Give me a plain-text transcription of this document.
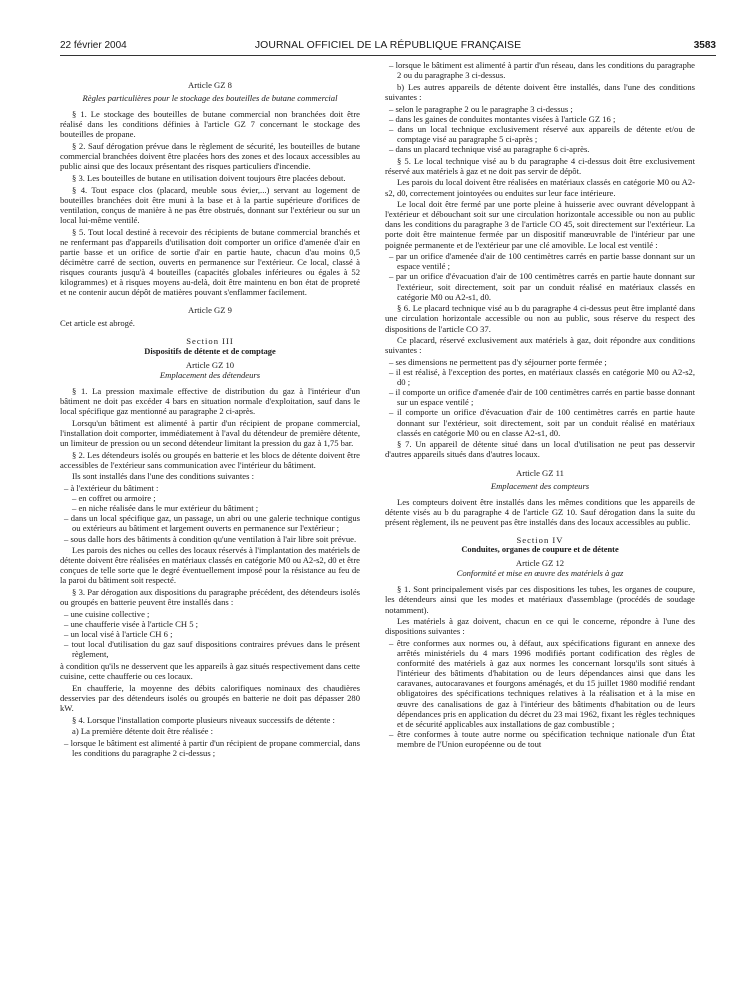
22 février 2004	JOURNAL OFFICIEL DE LA RÉPUBLIQUE FRANÇAISE	3583
Article GZ 8
Règles particulières pour le stockage des bouteilles de butane commercial

§ 1. Le stockage des bouteilles de butane commercial non branchées doit être réalisé dans les conditions définies à l'article GZ 7 concernant le stockage des bouteilles de propane.

§ 2. Sauf dérogation prévue dans le règlement de sécurité, les bouteilles de butane commercial branchées doivent être placées hors des zones et des locaux accessibles au public ainsi que des locaux présentant des risques particuliers d'incendie.

§ 3. Les bouteilles de butane en utilisation doivent toujours être placées debout.

§ 4. Tout espace clos (placard, meuble sous évier,...) servant au logement de bouteilles branchées doit être muni à la base et à la partie supérieure d'orifices de ventilation, conçus de manière à ne pas être obstrués, donnant sur l'extérieur ou sur un local lui-même ventilé.

§ 5. Tout local destiné à recevoir des récipients de butane commercial branchés et ne renfermant pas d'appareils d'utilisation doit comporter un orifice d'amenée d'air en partie basse et un orifice de sortie d'air en partie haute, chacun d'au moins 0,5 décimètre carré de section, ouverts en permanence sur l'extérieur. Ce local, classé à risques courants jusqu'à 4 bouteilles (capacités globales inférieures ou égales à 52 kilogrammes) et à risques moyens au-delà, doit être maintenu en bon état de propreté et ne contenir aucun dépôt de matières pouvant s'enflammer facilement.

Article GZ 9

Cet article est abrogé.

Section III
Dispositifs de détente et de comptage
Article GZ 10
Emplacement des détendeurs

§ 1. La pression maximale effective de distribution du gaz à l'intérieur d'un bâtiment ne doit pas excéder 4 bars en situation normale d'exploitation, sauf dans le local spécifique gaz mentionné au paragraphe 2 ci-après.

Lorsqu'un bâtiment est alimenté à partir d'un récipient de propane commercial, l'installation doit comporter, immédiatement à l'aval du détendeur de première détente, un limiteur de pression ou un second détendeur limitant la pression du gaz à 1,75 bar.

§ 2. Les détendeurs isolés ou groupés en batterie et les blocs de détente doivent être accessibles de l'extérieur sans communication avec l'intérieur du bâtiment.

Ils sont installés dans l'une des conditions suivantes :

– à l'extérieur du bâtiment :
– en coffret ou armoire ;
– en niche réalisée dans le mur extérieur du bâtiment ;
– dans un local spécifique gaz, un passage, un abri ou une galerie technique contigus ou extérieurs au bâtiment et largement ouverts en permanence sur l'extérieur ;
– sous dalle hors des bâtiments à condition qu'une ventilation à l'air libre soit prévue.

Les parois des niches ou celles des locaux réservés à l'implantation des matériels de détente doivent être réalisées en matériaux classés en catégorie M0 ou A2-s2, d0 et être conçues de telle sorte que le degré éventuellement imposé pour la résistance au feu de la paroi du bâtiment soit respecté.

§ 3. Par dérogation aux dispositions du paragraphe précédent, des détendeurs isolés ou groupés en batterie peuvent être installés dans :

– une cuisine collective ;
– une chaufferie visée à l'article CH 5 ;
– un local visé à l'article CH 6 ;
– tout local d'utilisation du gaz sauf dispositions contraires prévues dans le présent règlement,

à condition qu'ils ne desservent que les appareils à gaz situés respectivement dans cette cuisine, cette chaufferie ou ces locaux.

En chaufferie, la moyenne des débits calorifiques nominaux des chaudières desservies par des détendeurs isolés ou groupés en batterie ne doit pas dépasser 280 kW.

§ 4. Lorsque l'installation comporte plusieurs niveaux successifs de détente :

a) La première détente doit être réalisée :

– lorsque le bâtiment est alimenté à partir d'un récipient de propane commercial, dans les conditions du paragraphe 2 ci-dessus ;
– lorsque le bâtiment est alimenté à partir d'un réseau, dans les conditions du paragraphe 2 ou du paragraphe 3 ci-dessus.

b) Les autres appareils de détente doivent être installés, dans l'une des conditions suivantes :

– selon le paragraphe 2 ou le paragraphe 3 ci-dessus ;
– dans les gaines de conduites montantes visées à l'article GZ 16 ;
– dans un local technique exclusivement réservé aux appareils de détente et/ou de comptage visé au paragraphe 5 ci-après ;
– dans un placard technique visé au paragraphe 6 ci-après.

§ 5. Le local technique visé au b du paragraphe 4 ci-dessus doit être exclusivement réservé aux matériels à gaz et ne doit pas servir de dépôt.

Les parois du local doivent être réalisées en matériaux classés en catégorie M0 ou A2-s2, d0, correctement jointoyées ou enduites sur leur face intérieure.

Le local doit être fermé par une porte pleine à huisserie avec ouvrant développant à l'extérieur et débouchant soit sur une circulation horizontale accessible ou non au public dans les conditions du paragraphe 3 de l'article CO 45, soit directement sur l'extérieur. La porte doit être maintenue fermée par un dispositif manœuvrable de l'intérieur par une poignée permanente et de l'extérieur par une clé amovible. Le local est ventilé :

– par un orifice d'amenée d'air de 100 centimètres carrés en partie basse donnant sur un espace ventilé ;
– par un orifice d'évacuation d'air de 100 centimètres carrés en partie haute donnant sur l'extérieur, soit directement, soit par un conduit réalisé en matériaux classés en catégorie M0 ou A2-s1, d0.

§ 6. Le placard technique visé au b du paragraphe 4 ci-dessus peut être implanté dans une circulation horizontale accessible ou non au public, sous réserve du respect des dispositions de l'article CO 37.

Ce placard, réservé exclusivement aux matériels à gaz, doit répondre aux conditions suivantes :

– ses dimensions ne permettent pas d'y séjourner porte fermée ;
– il est réalisé, à l'exception des portes, en matériaux classés en catégorie M0 ou A2-s2, d0 ;
– il comporte un orifice d'amenée d'air de 100 centimètres carrés en partie basse donnant sur un espace ventilé ;
– il comporte un orifice d'évacuation d'air de 100 centimètres carrés en partie haute donnant sur l'extérieur, soit directement, soit par un conduit réalisé en matériaux classés en catégorie M0 ou en classe A2-s1, d0.

§ 7. Un appareil de détente situé dans un local d'utilisation ne peut pas desservir d'autres appareils situés dans d'autres locaux.

Article GZ 11
Emplacement des compteurs

Les compteurs doivent être installés dans les mêmes conditions que les appareils de détente visés au b du paragraphe 4 de l'article GZ 10. Sauf dérogation dans la suite du présent règlement, ils ne peuvent pas être installés dans des locaux accessibles au public.

Section IV
Conduites, organes de coupure et de détente
Article GZ 12
Conformité et mise en œuvre des matériels à gaz

§ 1. Sont principalement visés par ces dispositions les tubes, les organes de coupure, les détendeurs ainsi que les modes et matériaux d'assemblage (procédés de soudage notamment).

Les matériels à gaz doivent, chacun en ce qui le concerne, répondre à l'une des dispositions suivantes :

– être conformes aux normes ou, à défaut, aux spécifications figurant en annexe des arrêtés ministériels du 4 mars 1996 modifiés portant codification des règles de conformité des matériels à gaz aux normes les concernant lorsqu'ils sont situés à l'intérieur des bâtiments d'habitation ou de leurs dépendances ainsi que dans les caravanes, autocaravanes et fourgons aménagés, et du 15 juillet 1980 modifié rendant obligatoires des spécifications techniques relatives à la réalisation et à la mise en œuvre des canalisations de gaz à l'intérieur des bâtiments d'habitation ou de leurs dépendances pris en application du décret du 23 mai 1962, fixant les règles techniques et de sécurité applicables aux installations de gaz combustible ;
– être conformes à toute autre norme ou spécification technique nationale d'un État membre de l'Union européenne ou de tout
